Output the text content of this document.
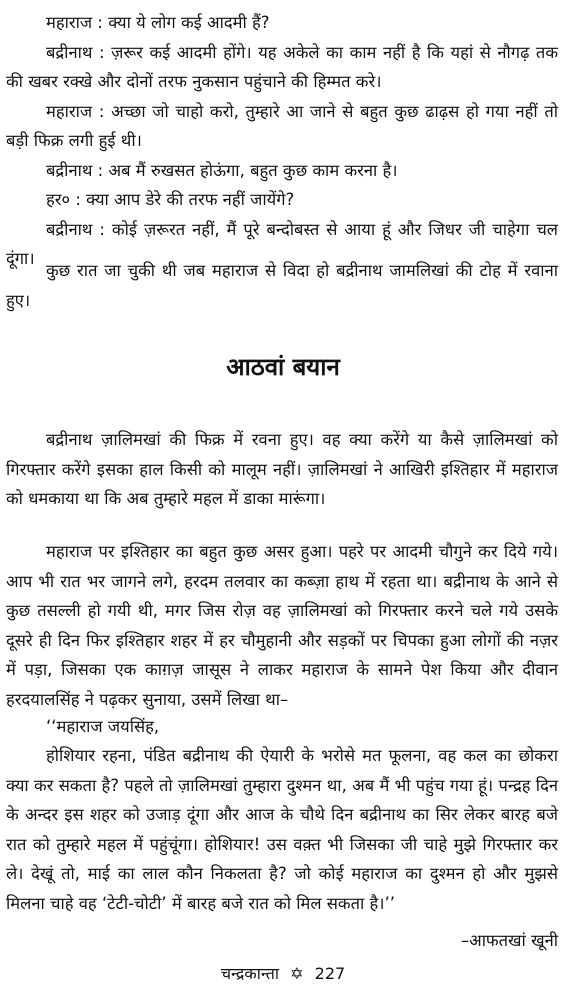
महाराज : क्या ये लोग कई आदमी हैं?

बद्रीनाथ : ज़रूर कई आदमी होंगे। यह अकेले का काम नहीं है कि यहां से नौगढ़ तक की खबर रक्खे और दोनों तरफ नुकसान पहुंचाने की हिम्मत करे।

महाराज : अच्छा जो चाहो करो, तुम्हारे आ जाने से बहुत कुछ ढाढ़स हो गया नहीं तो बड़ी फिक्र लगी हुई थी।

बद्रीनाथ : अब मैं रुखसत होऊंगा, बहुत कुछ काम करना है।

हर० : क्या आप डेरे की तरफ नहीं जायेंगे?

बद्रीनाथ : कोई ज़रूरत नहीं, मैं पूरे बन्दोबस्त से आया हूं और जिधर जी चाहेगा चल दूंगा।

कुछ रात जा चुकी थी जब महाराज से विदा हो बद्रीनाथ जामलिखां की टोह में रवाना हुए।

आठवां बयान

बद्रीनाथ ज़ालिमखां की फिक्र में रवना हुए। वह क्या करेंगे या कैसे ज़ालिमखां को गिरफ्तार करेंगे इसका हाल किसी को मालूम नहीं। ज़ालिमखां ने आखिरी इश्तिहार में महाराज को धमकाया था कि अब तुम्हारे महल में डाका मारूंगा।

महाराज पर इश्तिहार का बहुत कुछ असर हुआ। पहरे पर आदमी चौगुने कर दिये गये। आप भी रात भर जागने लगे, हरदम तलवार का कब्ज़ा हाथ में रहता था। बद्रीनाथ के आने से कुछ तसल्ली हो गयी थी, मगर जिस रोज़ वह ज़ालिमखां को गिरफ्तार करने चले गये उसके दूसरे ही दिन फिर इश्तिहार शहर में हर चौमुहानी और सड़कों पर चिपका हुआ लोगों की नज़र में पड़ा, जिसका एक काग़ज़ जासूस ने लाकर महाराज के सामने पेश किया और दीवान हरदयालसिंह ने पढ़कर सुनाया, उसमें लिखा था–

‘‘महाराज जयसिंह,

होशियार रहना, पंडित बद्रीनाथ की ऐयारी के भरोसे मत फूलना, वह कल का छोकरा क्या कर सकता है? पहले तो ज़ालिमखां तुम्हारा दुश्मन था, अब मैं भी पहुंच गया हूं। पन्द्रह दिन के अन्दर इस शहर को उजाड़ दूंगा और आज के चौथे दिन बद्रीनाथ का सिर लेकर बारह बजे रात को तुम्हारे महल में पहुंचूंगा। होशियार! उस वक़्त भी जिसका जी चाहे मुझे गिरफ्तार कर ले। देखूं तो, माई का लाल कौन निकलता है? जो कोई महाराज का दुश्मन हो और मुझसे मिलना चाहे वह ‘टेटी-चोटी’ में बारह बजे रात को मिल सकता है।’’

–आफतखां खूनी

चन्द्रकान्ता ✡ 227
